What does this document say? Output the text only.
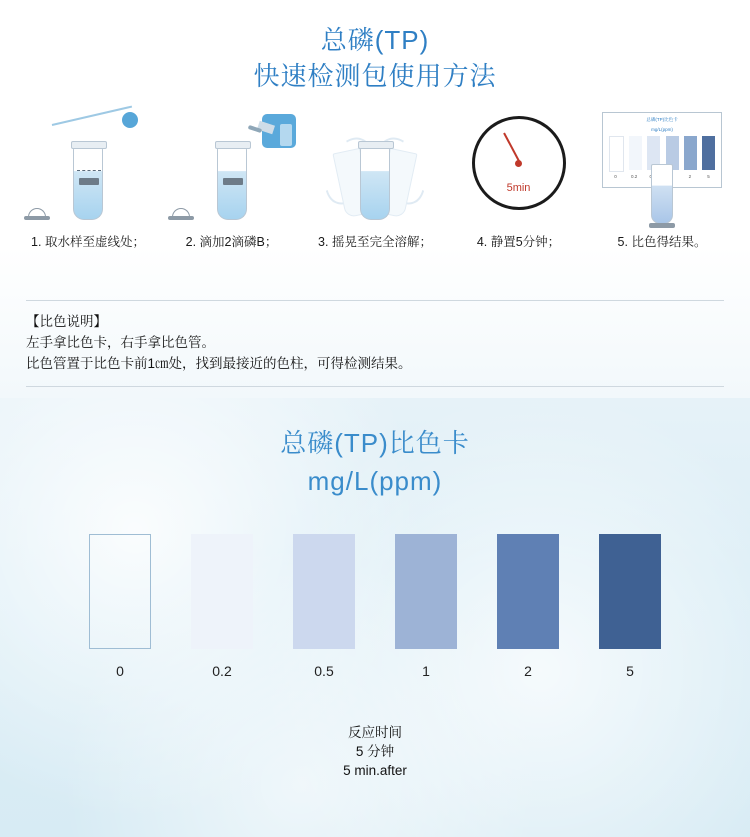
总磷(TP)
快速检测包使用方法
1. 取水样至虚线处；	2. 滴加2滴磷B；	3. 摇晃至完全溶解；
5min
4. 静置5分钟；
总磷(TP)比色卡
mg/L(ppm)
0	0.2	2	5
5. 比色得结果。
【比色说明】
左手拿比色卡，右手拿比色管。
比色管置于比色卡前1㎝处，找到最接近的色柱，可得检测结果。
总磷(TP)比色卡
mg/L(ppm)
0	0.2	0.5	1	2	5
反应时间
5 分钟
5 min.after
